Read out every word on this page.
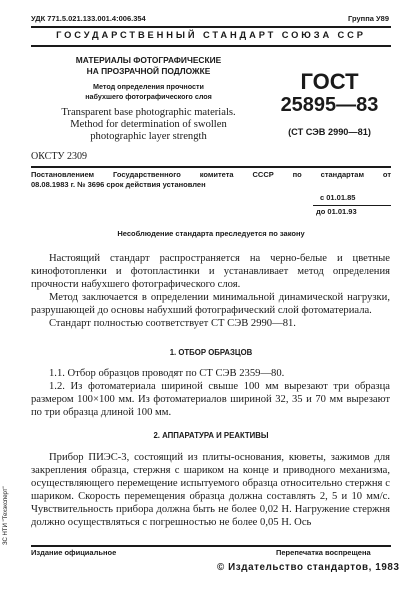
УДК 771.5.021.133.001.4:006.354	Группа У89
ГОСУДАРСТВЕННЫЙ СТАНДАРТ СОЮЗА ССР
МАТЕРИАЛЫ ФОТОГРАФИЧЕСКИЕ
НА ПРОЗРАЧНОЙ ПОДЛОЖКЕ
Метод определения прочности
набухшего фотографического слоя
Transparent base photographic materials.
Method for determination of swollen
photographic layer strength
ГОСТ
25895—83
(СТ СЭВ 2990—81)
ОКСТУ 2309
Постановлением Государственного комитета СССР по стандартам от
08.08.1983 г. № 3696 срок действия установлен
с 01.01.85
до 01.01.93
Несоблюдение стандарта преследуется по закону
Настоящий стандарт распространяется на черно-белые и цветные кинофотопленки и фотопластинки и устанавливает метод определения прочности набухшего фотографического слоя.
Метод заключается в определении минимальной динамической нагрузки, разрушающей до основы набухший фотографический слой фотоматериала.
Стандарт полностью соответствует СТ СЭВ 2990—81.
1. ОТБОР ОБРАЗЦОВ
1.1. Отбор образцов проводят по СТ СЭВ 2359—80.
1.2. Из фотоматериала шириной свыше 100 мм вырезают три образца размером 100×100 мм. Из фотоматериалов шириной 32, 35 и 70 мм вырезают по три образца длиной 100 мм.
2. АППАРАТУРА И РЕАКТИВЫ
Прибор ПИЭС-3, состоящий из плиты-основания, кюветы, зажимов для закрепления образца, стержня с шариком на конце и приводного механизма, осуществляющего перемещение испытуемого образца относительно стержня с шариком. Скорость перемещения образца должна составлять 2, 5 и 10 мм/с. Чувствительность прибора должна быть не более 0,02 Н. Нагружение стержня должно осуществляться с погрешностью не более 0,05 Н. Ось
Издание официальное	Перепечатка воспрещена
© Издательство стандартов, 1983
ЗС НТИ "Техэксперт"
